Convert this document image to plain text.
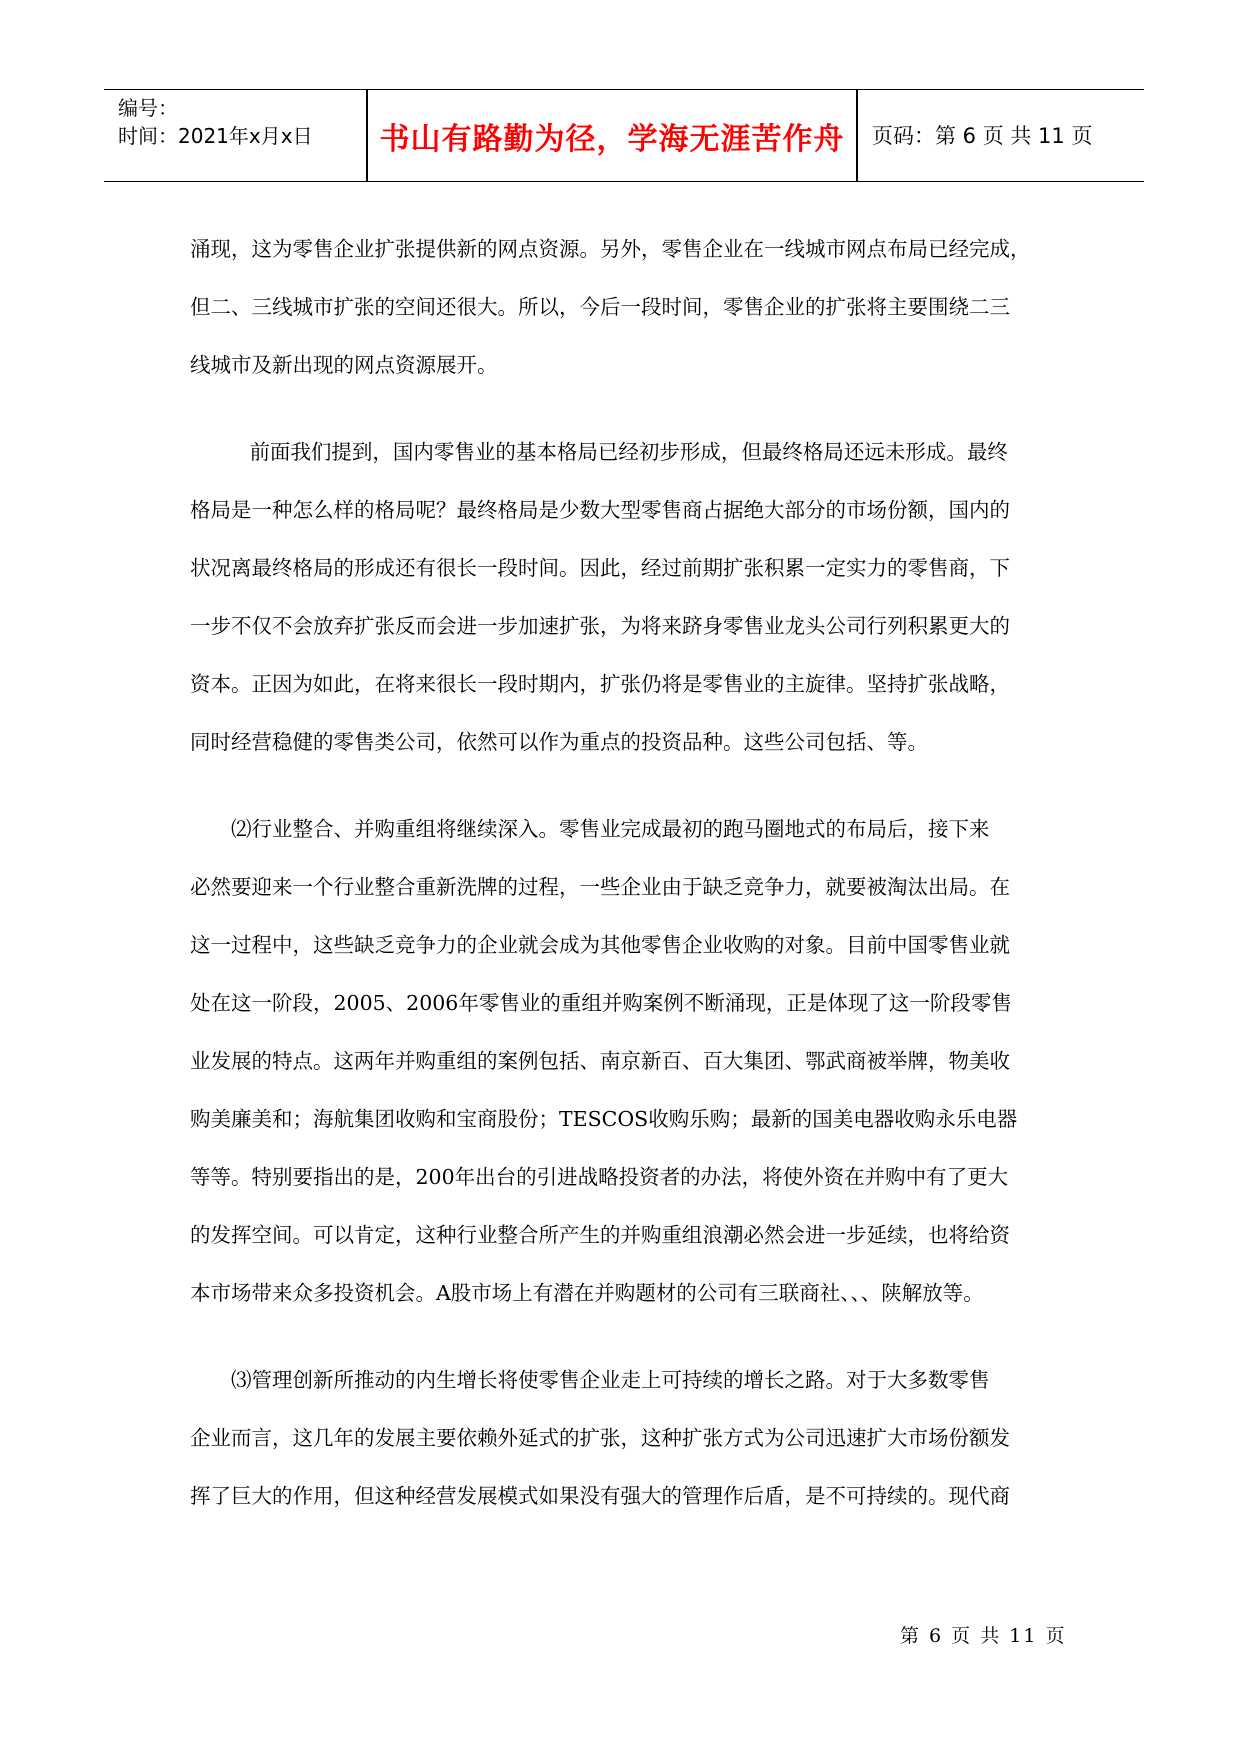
编号：
时间：2021年x月x日	书山有路勤为径，学海无涯苦作舟	页码：第 6 页 共 11 页

涌现，这为零售企业扩张提供新的网点资源。另外，零售企业在一线城市网点布局已经完成，
但二、三线城市扩张的空间还很大。所以，今后一段时间，零售企业的扩张将主要围绕二三
线城市及新出现的网点资源展开。

前面我们提到，国内零售业的基本格局已经初步形成，但最终格局还远未形成。最终
格局是一种怎么样的格局呢？最终格局是少数大型零售商占据绝大部分的市场份额，国内的
状况离最终格局的形成还有很长一段时间。因此，经过前期扩张积累一定实力的零售商，下
一步不仅不会放弃扩张反而会进一步加速扩张，为将来跻身零售业龙头公司行列积累更大的
资本。正因为如此，在将来很长一段时期内，扩张仍将是零售业的主旋律。坚持扩张战略，
同时经营稳健的零售类公司，依然可以作为重点的投资品种。这些公司包括、等。

⑵行业整合、并购重组将继续深入。零售业完成最初的跑马圈地式的布局后，接下来
必然要迎来一个行业整合重新洗牌的过程，一些企业由于缺乏竞争力，就要被淘汰出局。在
这一过程中，这些缺乏竞争力的企业就会成为其他零售企业收购的对象。目前中国零售业就
处在这一阶段，2005、2006年零售业的重组并购案例不断涌现，正是体现了这一阶段零售
业发展的特点。这两年并购重组的案例包括、南京新百、百大集团、鄂武商被举牌，物美收
购美廉美和；海航集团收购和宝商股份；TESCOS收购乐购；最新的国美电器收购永乐电器
等等。特别要指出的是，200年出台的引进战略投资者的办法，将使外资在并购中有了更大
的发挥空间。可以肯定，这种行业整合所产生的并购重组浪潮必然会进一步延续，也将给资
本市场带来众多投资机会。A股市场上有潜在并购题材的公司有三联商社、、、陕解放等。

⑶管理创新所推动的内生增长将使零售企业走上可持续的增长之路。对于大多数零售
企业而言，这几年的发展主要依赖外延式的扩张，这种扩张方式为公司迅速扩大市场份额发
挥了巨大的作用，但这种经营发展模式如果没有强大的管理作后盾，是不可持续的。现代商

第 6 页 共 11 页
